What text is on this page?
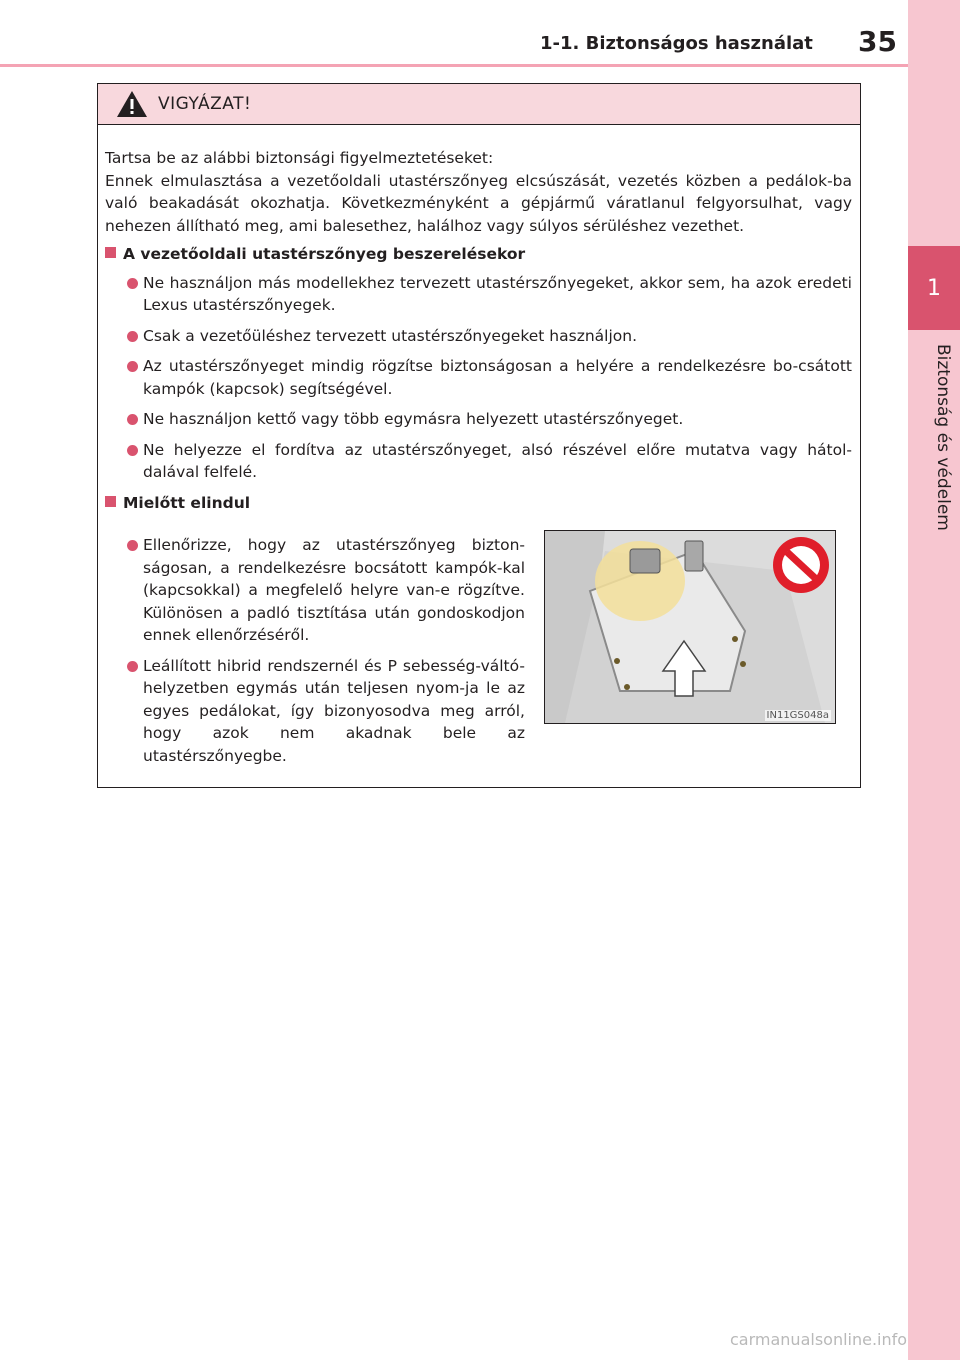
1
Biztonság és védelem
1-1. Biztonságos használat 35
VIGYÁZAT!

Tartsa be az alábbi biztonsági figyelmeztetéseket:
Ennek elmulasztása a vezetőoldali utastérszőnyeg elcsúszását, vezetés közben a pedálok-ba való beakadását okozhatja. Következményként a gépjármű váratlanul felgyorsulhat, vagy nehezen állítható meg, ami balesethez, halálhoz vagy súlyos sérüléshez vezethet.

A vezetőoldali utastérszőnyeg beszerelésekor
Ne használjon más modellekhez tervezett utastérszőnyegeket, akkor sem, ha azok eredeti Lexus utastérszőnyegek.
Csak a vezetőüléshez tervezett utastérszőnyegeket használjon.
Az utastérszőnyeget mindig rögzítse biztonságosan a helyére a rendelkezésre bo-csátott kampók (kapcsok) segítségével.
Ne használjon kettő vagy több egymásra helyezett utastérszőnyeget.
Ne helyezze el fordítva az utastérszőnyeget, alsó részével előre mutatva vagy hátol-dalával felfelé.
Mielőtt elindul
Ellenőrizze, hogy az utastérszőnyeg bizton-ságosan, a rendelkezésre bocsátott kampók-kal (kapcsokkal) a megfelelő helyre van-e rögzítve. Különösen a padló tisztítása után gondoskodjon ennek ellenőrzéséről.
Leállított hibrid rendszernél és P sebesség-váltó-helyzetben egymás után teljesen nyom-ja le az egyes pedálokat, így bizonyosodva meg arról, hogy azok nem akadnak bele az utastérszőnyegbe.
IN11GS048a
carmanualsonline.info
